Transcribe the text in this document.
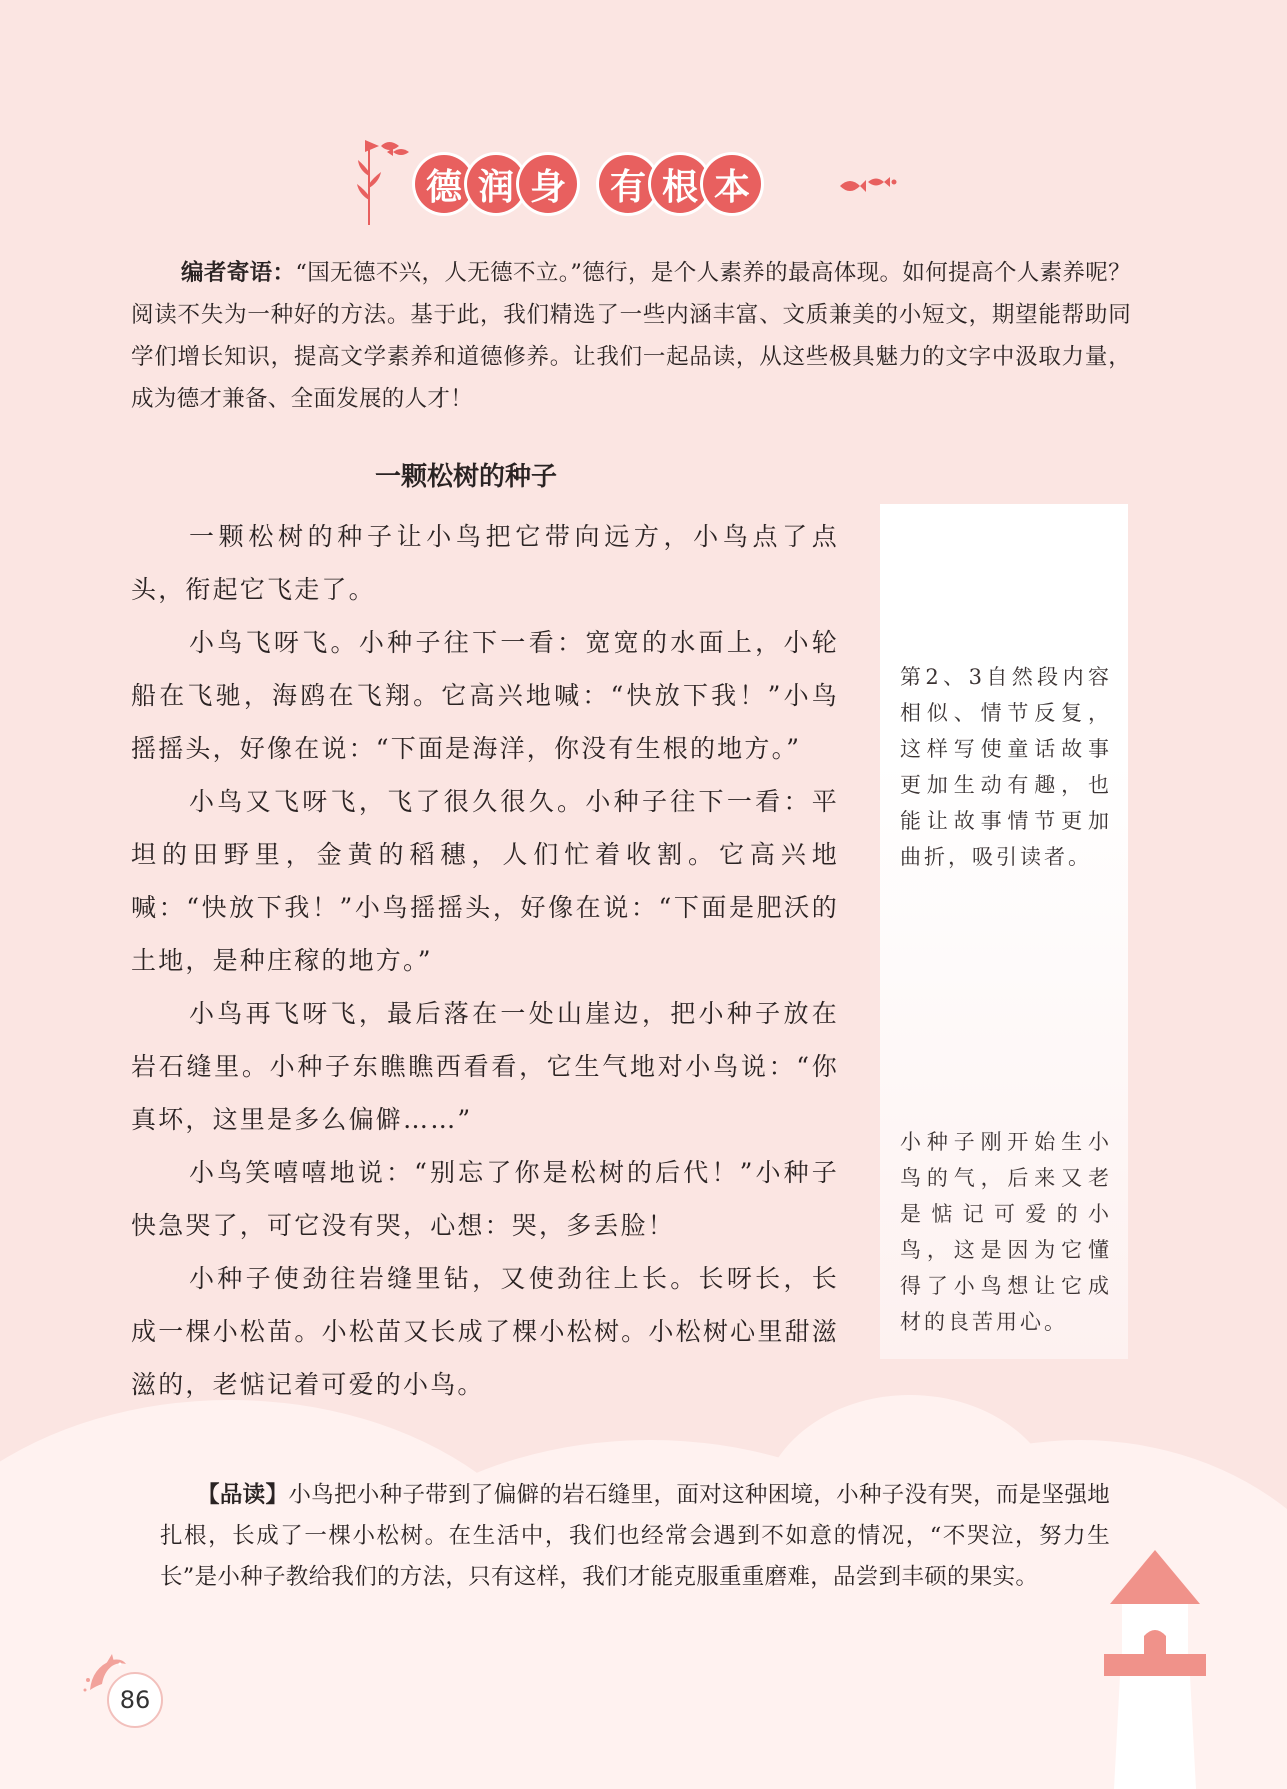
德 润 身	有 根 本
编者寄语：“国无德不兴，人无德不立。”德行，是个人素养的最高体现。如何提高个人素养呢？阅读不失为一种好的方法。基于此，我们精选了一些内涵丰富、文质兼美的小短文，期望能帮助同学们增长知识，提高文学素养和道德修养。让我们一起品读，从这些极具魅力的文字中汲取力量，成为德才兼备、全面发展的人才！
一颗松树的种子

一颗松树的种子让小鸟把它带向远方，小鸟点了点头，衔起它飞走了。

小鸟飞呀飞。小种子往下一看：宽宽的水面上，小轮船在飞驰，海鸥在飞翔。它高兴地喊：“快放下我！”小鸟摇摇头，好像在说：“下面是海洋，你没有生根的地方。”

小鸟又飞呀飞，飞了很久很久。小种子往下一看：平坦的田野里，金黄的稻穗，人们忙着收割。它高兴地喊：“快放下我！”小鸟摇摇头，好像在说：“下面是肥沃的土地，是种庄稼的地方。”

小鸟再飞呀飞，最后落在一处山崖边，把小种子放在岩石缝里。小种子东瞧瞧西看看，它生气地对小鸟说：“你真坏，这里是多么偏僻……”

小鸟笑嘻嘻地说：“别忘了你是松树的后代！”小种子快急哭了，可它没有哭，心想：哭，多丢脸！

小种子使劲往岩缝里钻，又使劲往上长。长呀长，长成一棵小松苗。小松苗又长成了棵小松树。小松树心里甜滋滋的，老惦记着可爱的小鸟。

第2、3自然段内容相似、情节反复，这样写使童话故事更加生动有趣，也能让故事情节更加曲折，吸引读者。
小种子刚开始生小鸟的气，后来又老是惦记可爱的小鸟，这是因为它懂得了小鸟想让它成材的良苦用心。
【品读】小鸟把小种子带到了偏僻的岩石缝里，面对这种困境，小种子没有哭，而是坚强地扎根，长成了一棵小松树。在生活中，我们也经常会遇到不如意的情况，“不哭泣，努力生长”是小种子教给我们的方法，只有这样，我们才能克服重重磨难，品尝到丰硕的果实。
86
